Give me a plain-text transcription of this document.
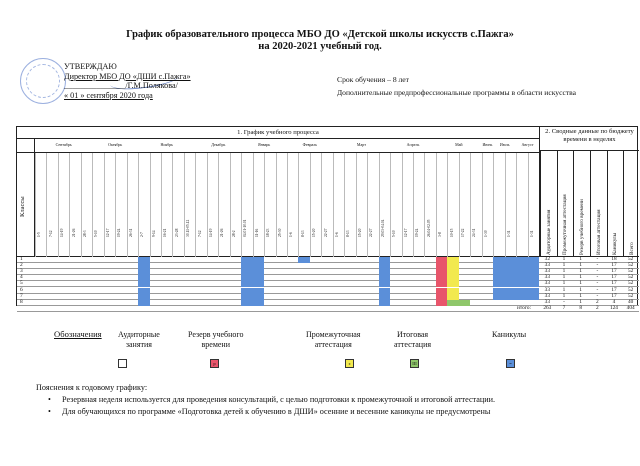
График образовательного процесса МБО ДО «Детской школы искусств с.Пажга»
на 2020-2021 учебный год.
УТВЕРЖДАЮ
Директор МБО ДО «ДШИ с.Пажга»
_______________/Г.М.Полякова/
« 01 » сентября 2020 года
Срок обучения – 8 лет
Дополнительные предпрофессиональные программы в области искусства
1. График учебного процесса	2. Сводные данные по бюджету времени в неделях
Классы
Сентябрь	Октябрь	Ноябрь	Декабрь	Январь	Февраль	Март	Апрель	Май	Июнь	Июль	Август
1-5 7-12 14-19 21-26 28-3 5-10 12-17 19-24 26-31 2-7 9-14 16-21 23-28 30.11-05.12 7-12 14-19 21-26 28-2 04.01-10.01 11-16 18-23 25-30 1-6 8-13 15-20 22-27 1-6 8-13 15-20 22-27 29.03-04.04 5-10 12-17 19-24 26.04-02.05 3-8 10-15 17-22 24-31 1-30	1-31	1-31 Аудиторные занятия Промежуточная аттестация Резерв учебного времени Итоговая аттестация Каникулы Всего
1	32	1	1	-	18	52
2	33	1	1	-	17	52
3	33	1	1	-	17	52
4	33	1	1	-	17	52
5	33	1	1	-	17	52
6	33	1	1	-	17	52
7	33	1	1	-	17	52
8	33	-	1	2	4	40
итого:	263	7	8	2	124	404
Обозначения Аудиторные
занятия
Резерв учебного
времени
р
Промежуточная
аттестация
э
Итоговая
аттестация
III
Каникулы
=
Пояснения к годовому графику:
• Резервная неделя используется для проведения консультаций, с целью подготовки к промежуточной и итоговой аттестации.
• Для обучающихся по программе «Подготовка детей к обучению в ДШИ» осенние и весенние каникулы не предусмотрены
